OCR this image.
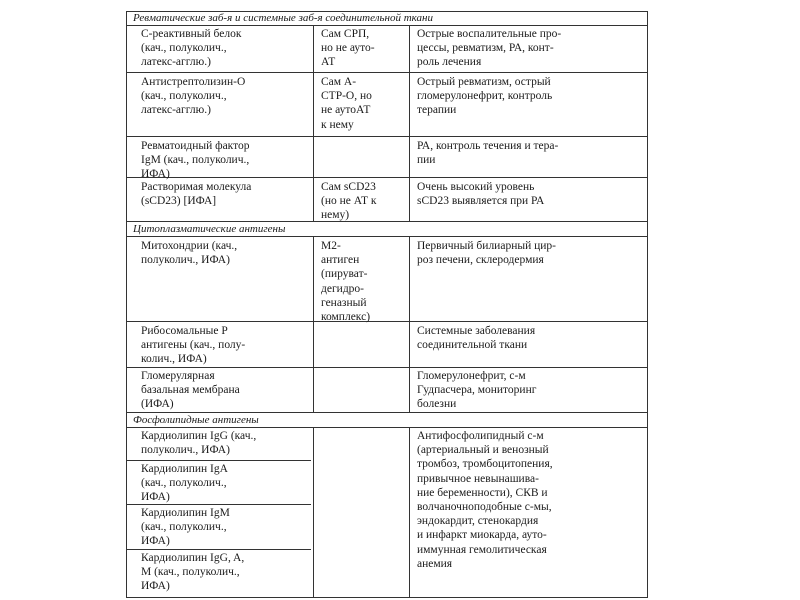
Ревматические заб-я и системные заб-я соединительной ткани
Цитоплазматические антигены
Фосфолипидные антигены
С-реактивный белок
(кач., полуколич.,
латекс-агглю.)
Сам СРП,
но не ауто-
АТ
Острые воспалительные про-
цессы, ревматизм, РА, конт-
роль лечения
Антистрептолизин-О
(кач., полуколич.,
латекс-агглю.)
Сам А-
СТР-О, но
не аутоАТ
к нему
Острый ревматизм, острый
гломерулонефрит, контроль
терапии
Ревматоидный фактор
IgM (кач., полуколич.,
ИФА)
РА, контроль течения и тера-
пии
Растворимая молекула
(sCD23) [ИФА]
Сам sCD23
(но не АТ к
нему)
Очень высокий уровень
sCD23 выявляется при РА
Митохондрии (кач.,
полуколич., ИФА)
М2-
антиген
(пируват-
дегидро-
геназный
комплекс)
Первичный билиарный цир-
роз печени, склеродермия
Рибосомальные Р
антигены (кач., полу-
колич., ИФА)
Системные заболевания
соединительной ткани
Гломерулярная
базальная мембрана
(ИФА)
Гломерулонефрит, с-м
Гудпасчера, мониторинг
болезни
Кардиолипин IgG (кач.,
полуколич., ИФА)
Кардиолипин IgA
(кач., полуколич.,
ИФА)
Кардиолипин IgM
(кач., полуколич.,
ИФА)
Кардиолипин IgG, A,
M (кач., полуколич.,
ИФА)
Антифосфолипидный с-м
(артериальный и венозный
тромбоз, тромбоцитопения,
привычное невынашива-
ние беременности), СКВ и
волчаночноподобные с-мы,
эндокардит, стенокардия
и инфаркт миокарда, ауто-
иммунная гемолитическая
анемия
